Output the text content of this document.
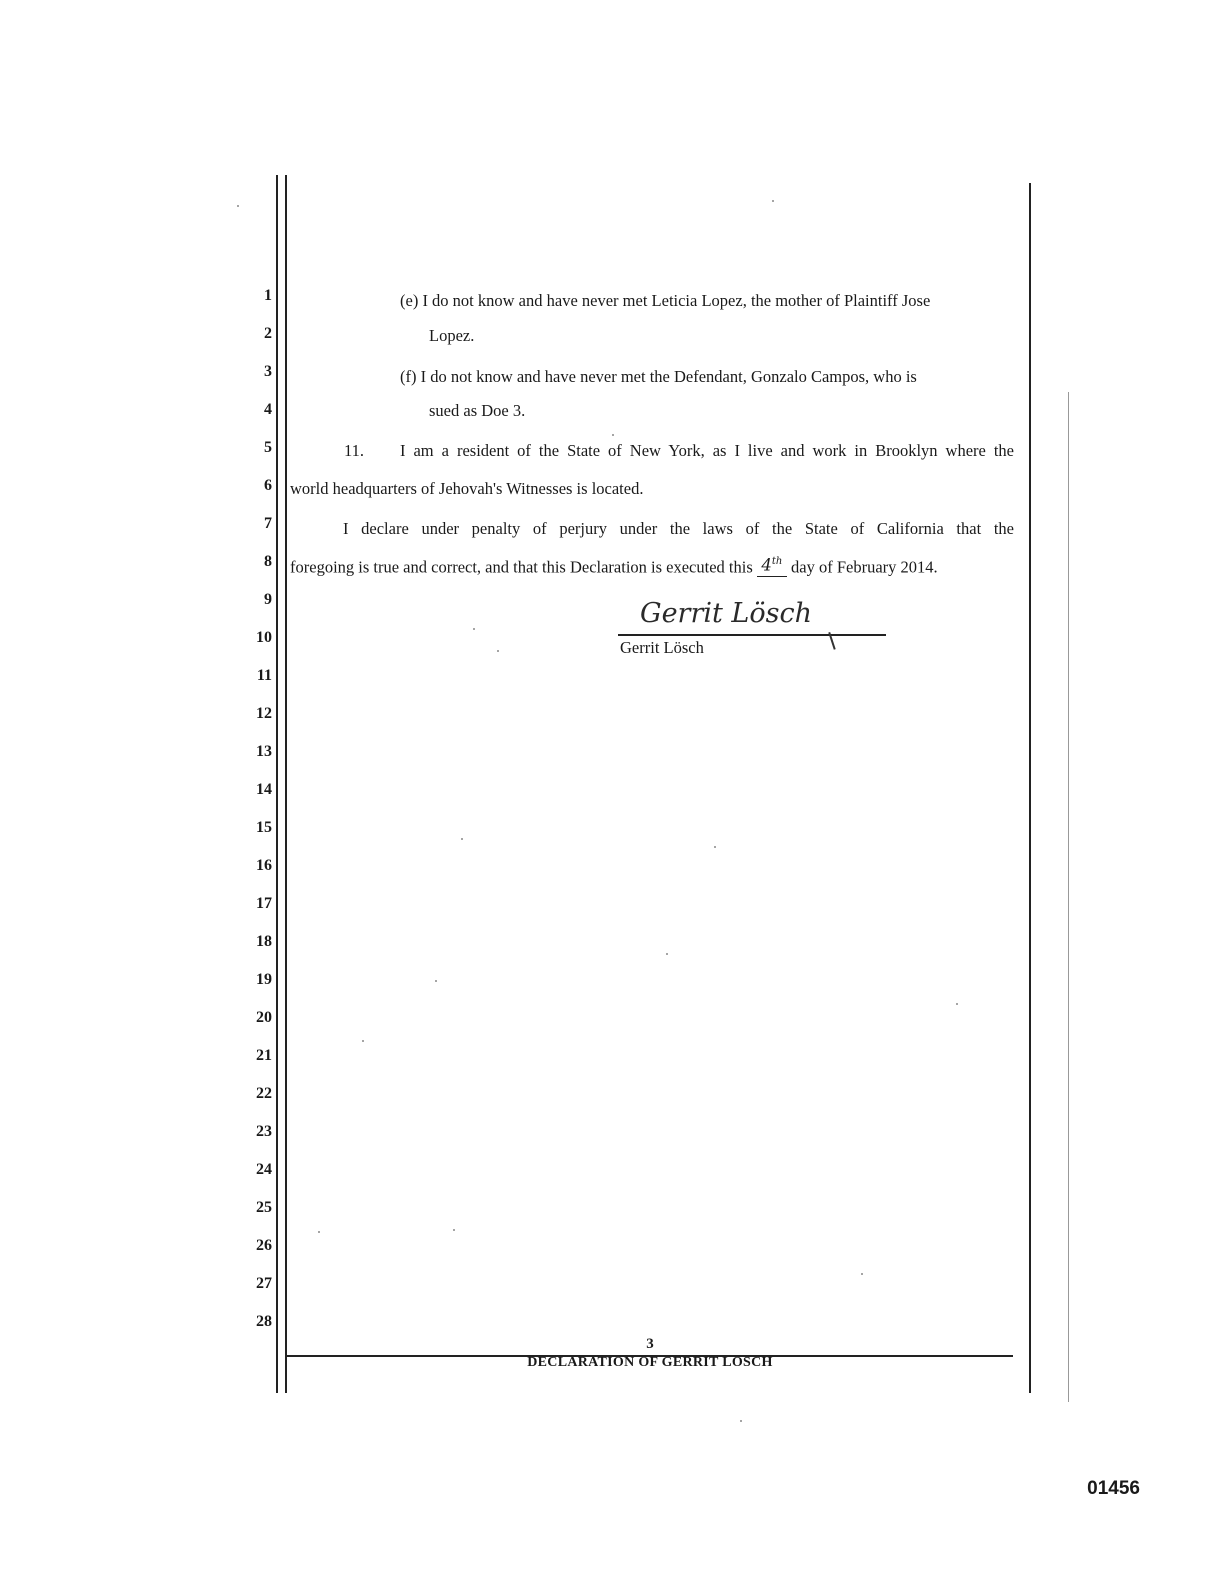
1
2
3
4
5
6
7
8
9
10
11
12
13
14
15
16
17
18
19
20
21
22
23
24
25
26
27
28
(e) I do not know and have never met Leticia Lopez, the mother of Plaintiff Jose
Lopez.
(f) I do not know and have never met the Defendant, Gonzalo Campos, who is
sued as Doe 3.
11. I am a resident of the State of New York, as I live and work in Brooklyn where the
world headquarters of Jehovah's Witnesses is located.
I declare under penalty of perjury under the laws of the State of California that the
foregoing is true and correct, and that this Declaration is executed this 4th day of February 2014.
Gerrit Lösch
Gerrit Lösch
3
DECLARATION OF GERRIT LOSCH
01456
